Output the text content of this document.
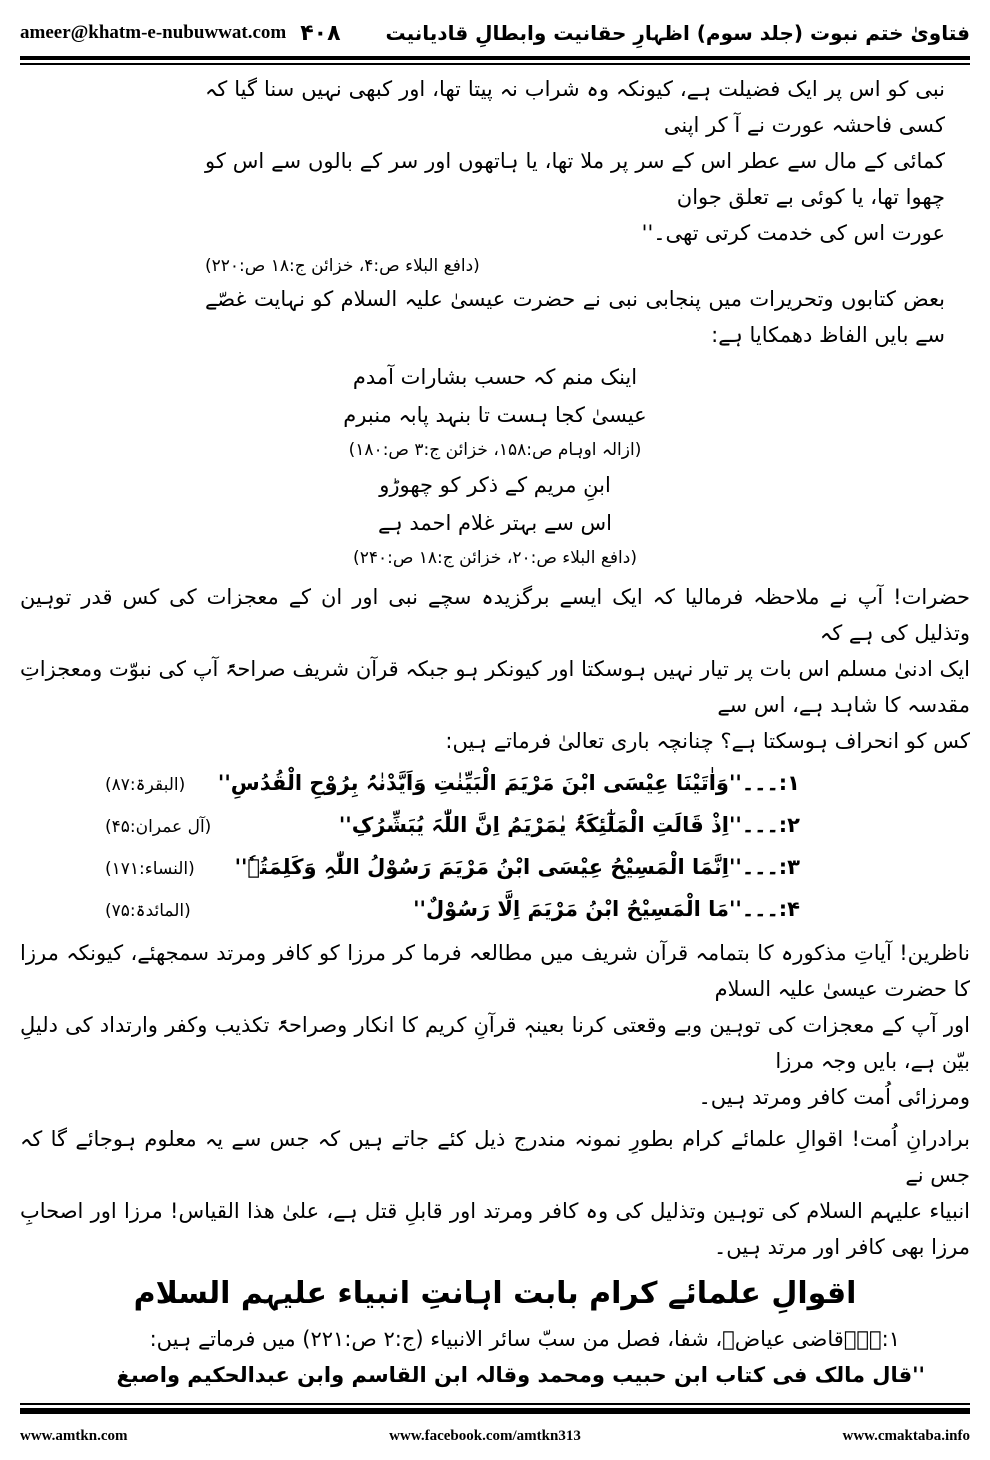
ameer@khatm-e-nubuwwat.com ۴۰۸	فتاویٰ ختم نبوت (جلد سوم) اظہارِ حقانیت وابطالِ قادیانیت
نبی کو اس پر ایک فضیلت ہے، کیونکہ وہ شراب نہ پیتا تھا، اور کبھی نہیں سنا گیا کہ کسی فاحشہ عورت نے آ کر اپنی
کمائی کے مال سے عطر اس کے سر پر ملا تھا، یا ہاتھوں اور سر کے بالوں سے اس کو چھوا تھا، یا کوئی بے تعلق جوان
عورت اس کی خدمت کرتی تھی۔''
(دافع البلاء ص:۴، خزائن ج:۱۸ ص:۲۲۰)
بعض کتابوں وتحریرات میں پنجابی نبی نے حضرت عیسیٰ علیہ السلام کو نہایت غصّے سے بایں الفاظ دھمکایا ہے:
اینک منم کہ حسب بشارات آمدم
عیسیٰ کجا ہست تا بنہد پابہ منبرم
(ازالہ اوہام ص:۱۵۸، خزائن ج:۳ ص:۱۸۰)
ابنِ مریم کے ذکر کو چھوڑو
اس سے بہتر غلام احمد ہے
(دافع البلاء ص:۲۰، خزائن ج:۱۸ ص:۲۴۰)
حضرات! آپ نے ملاحظہ فرمالیا کہ ایک ایسے برگزیدہ سچے نبی اور ان کے معجزات کی کس قدر توہین وتذلیل کی ہے کہ
ایک ادنیٰ مسلم اس بات پر تیار نہیں ہوسکتا اور کیونکر ہو جبکہ قرآن شریف صراحۃً آپ کی نبوّت ومعجزاتِ مقدسہ کا شاہد ہے، اس سے
کس کو انحراف ہوسکتا ہے؟ چنانچہ باری تعالیٰ فرماتے ہیں:
۱:۔۔۔''وَاٰتَیْنَا عِیْسَی ابْنَ مَرْیَمَ الْبَیِّنٰتِ وَاَیَّدْنٰہُ بِرُوْحِ الْقُدُسِ''
(البقرۃ:۸۷)
۲:۔۔۔''اِذْ قَالَتِ الْمَلٰٓئِکَۃُ یٰمَرْیَمُ اِنَّ اللّٰہَ یُبَشِّرُکِ''
(آل عمران:۴۵)
۳:۔۔۔''اِنَّمَا الْمَسِیْحُ عِیْسَی ابْنُ مَرْیَمَ رَسُوْلُ اللّٰہِ وَکَلِمَتُہٗ''
(النساء:۱۷۱)
۴:۔۔۔''مَا الْمَسِیْحُ ابْنُ مَرْیَمَ اِلَّا رَسُوْلٌ''
(المائدۃ:۷۵)
ناظرین! آیاتِ مذکورہ کا بتمامہ قرآن شریف میں مطالعہ فرما کر مرزا کو کافر ومرتد سمجھئے، کیونکہ مرزا کا حضرت عیسیٰ علیہ السلام
اور آپ کے معجزات کی توہین وبے وقعتی کرنا بعینہٖ قرآنِ کریم کا انکار وصراحۃً تکذیب وکفر وارتداد کی دلیلِ بیّن ہے، بایں وجہ مرزا
ومرزائی اُمت کافر ومرتد ہیں۔
برادرانِ اُمت! اقوالِ علمائے کرام بطورِ نمونہ مندرج ذیل کئے جاتے ہیں کہ جس سے یہ معلوم ہوجائے گا کہ جس نے
انبیاء علیہم السلام کی توہین وتذلیل کی وہ کافر ومرتد اور قابلِ قتل ہے، علیٰ ھذا القیاس! مرزا اور اصحابِ مرزا بھی کافر اور مرتد ہیں۔
اقوالِ علمائے کرام بابت اہانتِ انبیاء علیہم السلام
۱:۔۔۔قاضی عیاضؒ، شفا، فصل من سبّ سائر الانبیاء (ج:۲ ص:۲۲۱) میں فرماتے ہیں:
''قال مالک فی کتاب ابن حبیب ومحمد وقالہ ابن القاسم وابن عبدالحکیم واصبغ
www.amtkn.com	www.facebook.com/amtkn313	www.cmaktaba.info
